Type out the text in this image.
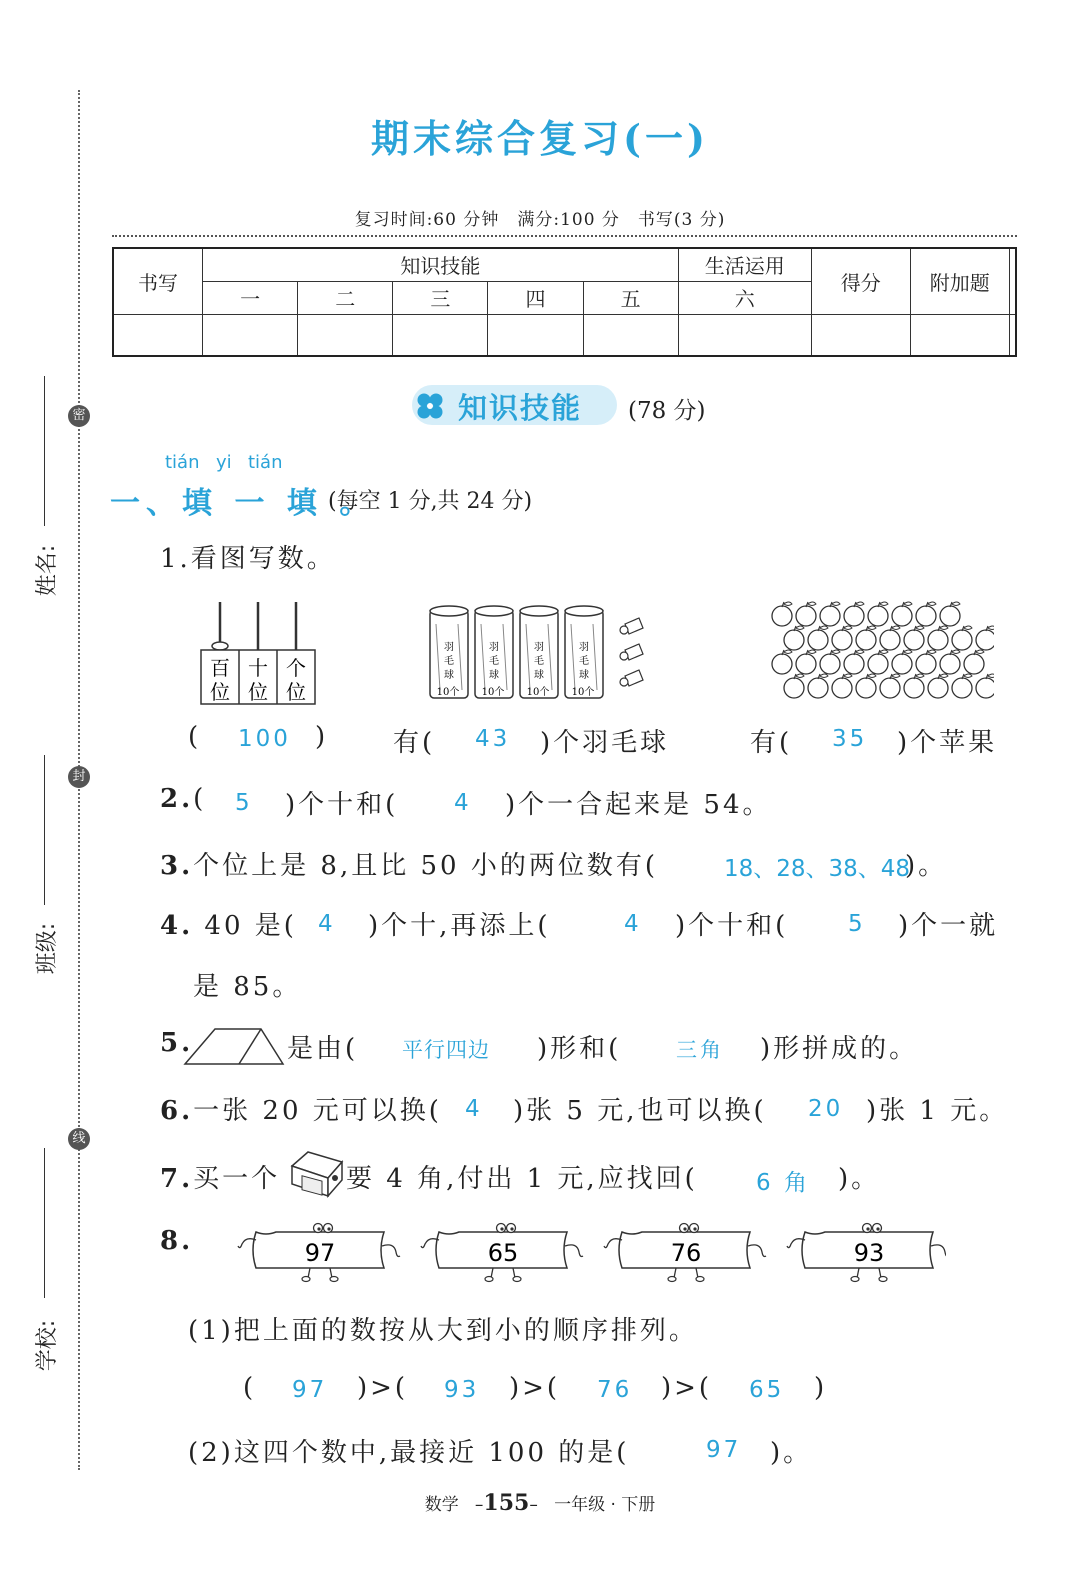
密
封
线
姓名:
班级:
学校:
期末综合复习(一)
复习时间:60 分钟　满分:100 分　书写(3 分)
书写	知识技能					生活运用	得分	附加题	
	一	二	三	四	五	六			

知识技能 (78 分)
tián yi tián
一、填 一 填 。
(每空 1 分,共 24 分)
1.看图写数。
百
位
十
位
个
位
羽
毛
球
10个
羽
毛
球
10个
羽
毛
球
10个
羽
毛
球
10个
( 100 ) 有( 43 )个羽毛球	有( 35 )个苹果
2.( 5 )个十和( 4 )个一合起来是 54。
3.个位上是 8,且比 50 小的两位数有(	18、28、38、48
)。
4. 40 是( 4 )个十,再添上(	4 )个十和(	5 )个一就
是 85。
5.	是由( 平行四边 )形和(	三角 )形拼成的。
6.一张 20 元可以换( 4 )张 5 元,也可以换( 20 )张 1 元。
7.买一个	要 4 角,付出 1 元,应找回(	6 角 )。
8.	97	65	76	93
(1)把上面的数按从大到小的顺序排列。
( 97 )>( 93 )>( 76 )>( 65 )
(2)这四个数中,最接近 100 的是(	97 )。
数学   –155–   一年级 · 下册
